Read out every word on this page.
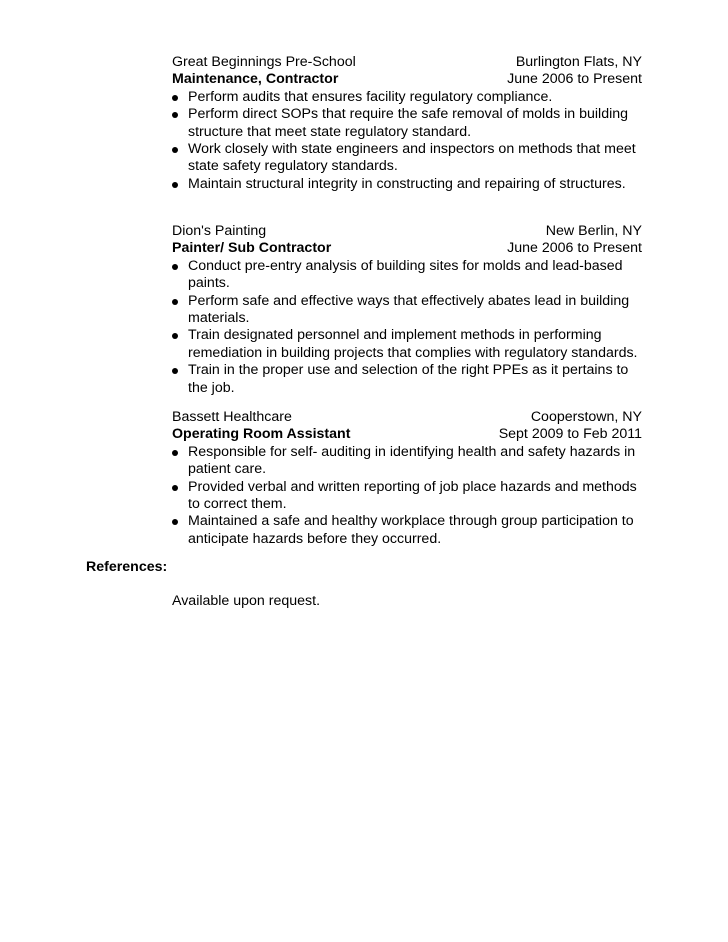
Great Beginnings Pre-School	Burlington Flats, NY
Maintenance, Contractor	June 2006 to Present
Perform audits that ensures facility regulatory compliance.
Perform direct SOPs that require the safe removal of molds in building structure that meet state regulatory standard.
Work closely with state engineers and inspectors on methods that meet state safety regulatory standards.
Maintain structural integrity in constructing and repairing of structures.
Dion's Painting	New Berlin, NY
Painter/ Sub Contractor	June 2006 to Present
Conduct pre-entry analysis of building sites for molds and lead-based paints.
Perform safe and effective ways that effectively abates lead in building materials.
Train designated personnel and implement methods in performing remediation in building projects that complies with regulatory standards.
Train in the proper use and selection of the right PPEs as it pertains to the job.
Bassett Healthcare	Cooperstown, NY
Operating Room Assistant	Sept 2009 to Feb 2011
Responsible for self- auditing in identifying health and safety hazards in patient care.
Provided verbal and written reporting of job place hazards and methods to correct them.
Maintained a safe and healthy workplace through group participation to anticipate hazards before they occurred.
References:
Available upon request.
